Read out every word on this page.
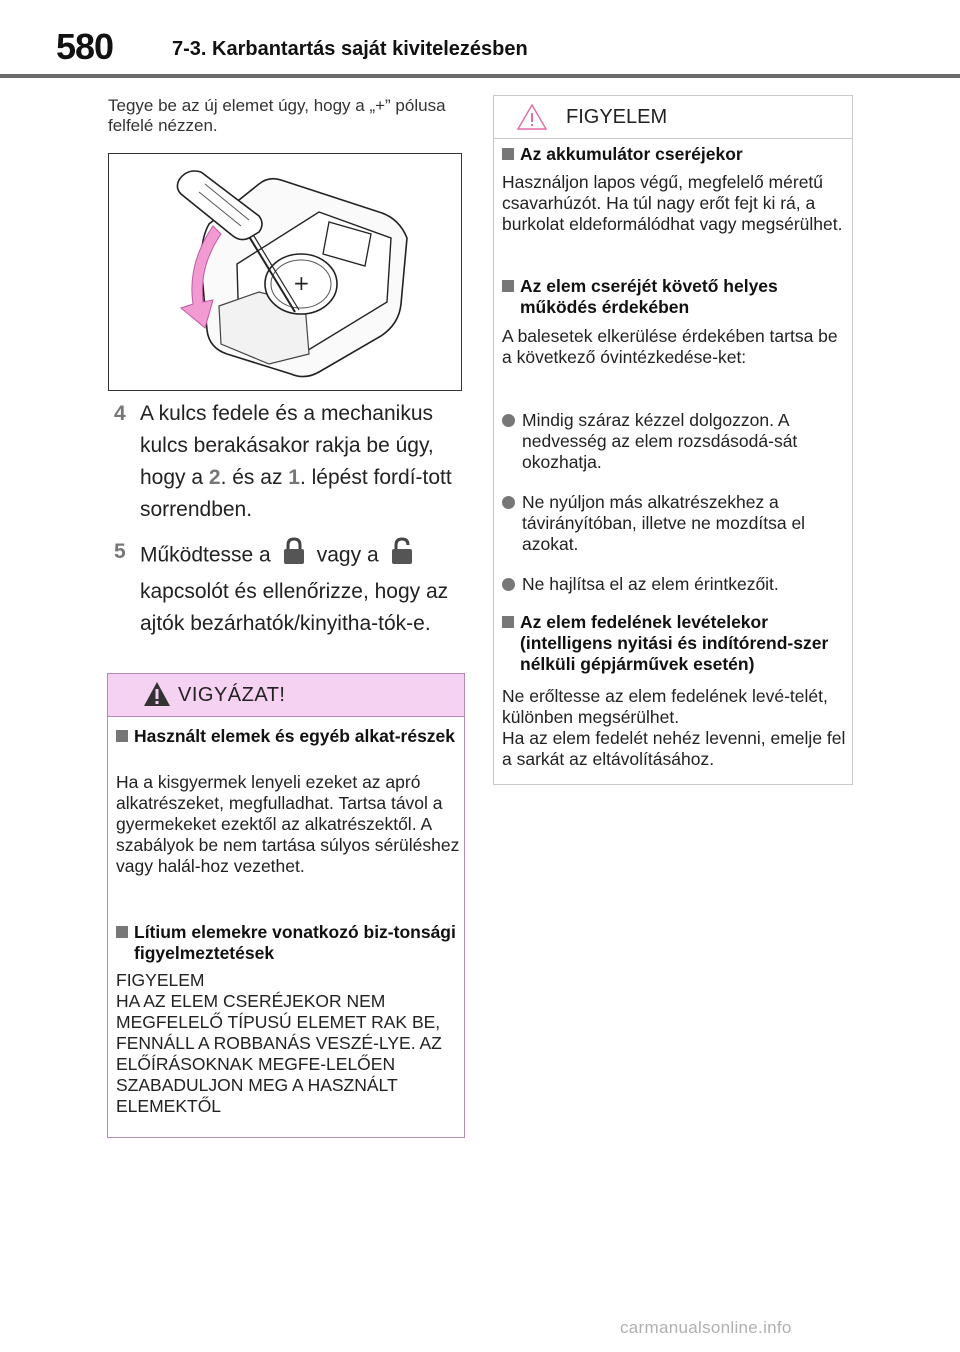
580	7-3. Karbantartás saját kivitelezésben
Tegye be az új elemet úgy, hogy a „+” pólusa felfelé nézzen.
+
4 A kulcs fedele és a mechanikus kulcs berakásakor rakja be úgy, hogy a 2. és az 1. lépést fordí-tott sorrendben.
5 Működtesse a vagy a
kapcsolót és ellenőrizze, hogy az ajtók bezárhatók/kinyitha-tók-e.
VIGYÁZAT!
Használt elemek és egyéb alkat-részek
Ha a kisgyermek lenyeli ezeket az apró alkatrészeket, megfulladhat. Tartsa távol a gyermekeket ezektől az alkatrészektől. A szabályok be nem tartása súlyos sérüléshez vagy halál-hoz vezethet.
Lítium elemekre vonatkozó biz-tonsági figyelmeztetések
FIGYELEM
HA AZ ELEM CSERÉJEKOR NEM MEGFELELŐ TÍPUSÚ ELEMET RAK BE, FENNÁLL A ROBBANÁS VESZÉ-LYE. AZ ELŐÍRÁSOKNAK MEGFE-LELŐEN SZABADULJON MEG A HASZNÁLT ELEMEKTŐL
FIGYELEM
Az akkumulátor cseréjekor
Használjon lapos végű, megfelelő méretű csavarhúzót. Ha túl nagy erőt fejt ki rá, a burkolat eldeformálódhat vagy megsérülhet.
Az elem cseréjét követő helyes működés érdekében
A balesetek elkerülése érdekében tartsa be a következő óvintézkedése-ket:
Mindig száraz kézzel dolgozzon. A nedvesség az elem rozsdásodá-sát okozhatja.
Ne nyúljon más alkatrészekhez a távirányítóban, illetve ne mozdítsa el azokat.
Ne hajlítsa el az elem érintkezőit.
Az elem fedelének levételekor (intelligens nyitási és indítórend-szer nélküli gépjárművek esetén)
Ne erőltesse az elem fedelének levé-telét, különben megsérülhet.
Ha az elem fedelét nehéz levenni, emelje fel a sarkát az eltávolításához.
carmanualsonline.info
